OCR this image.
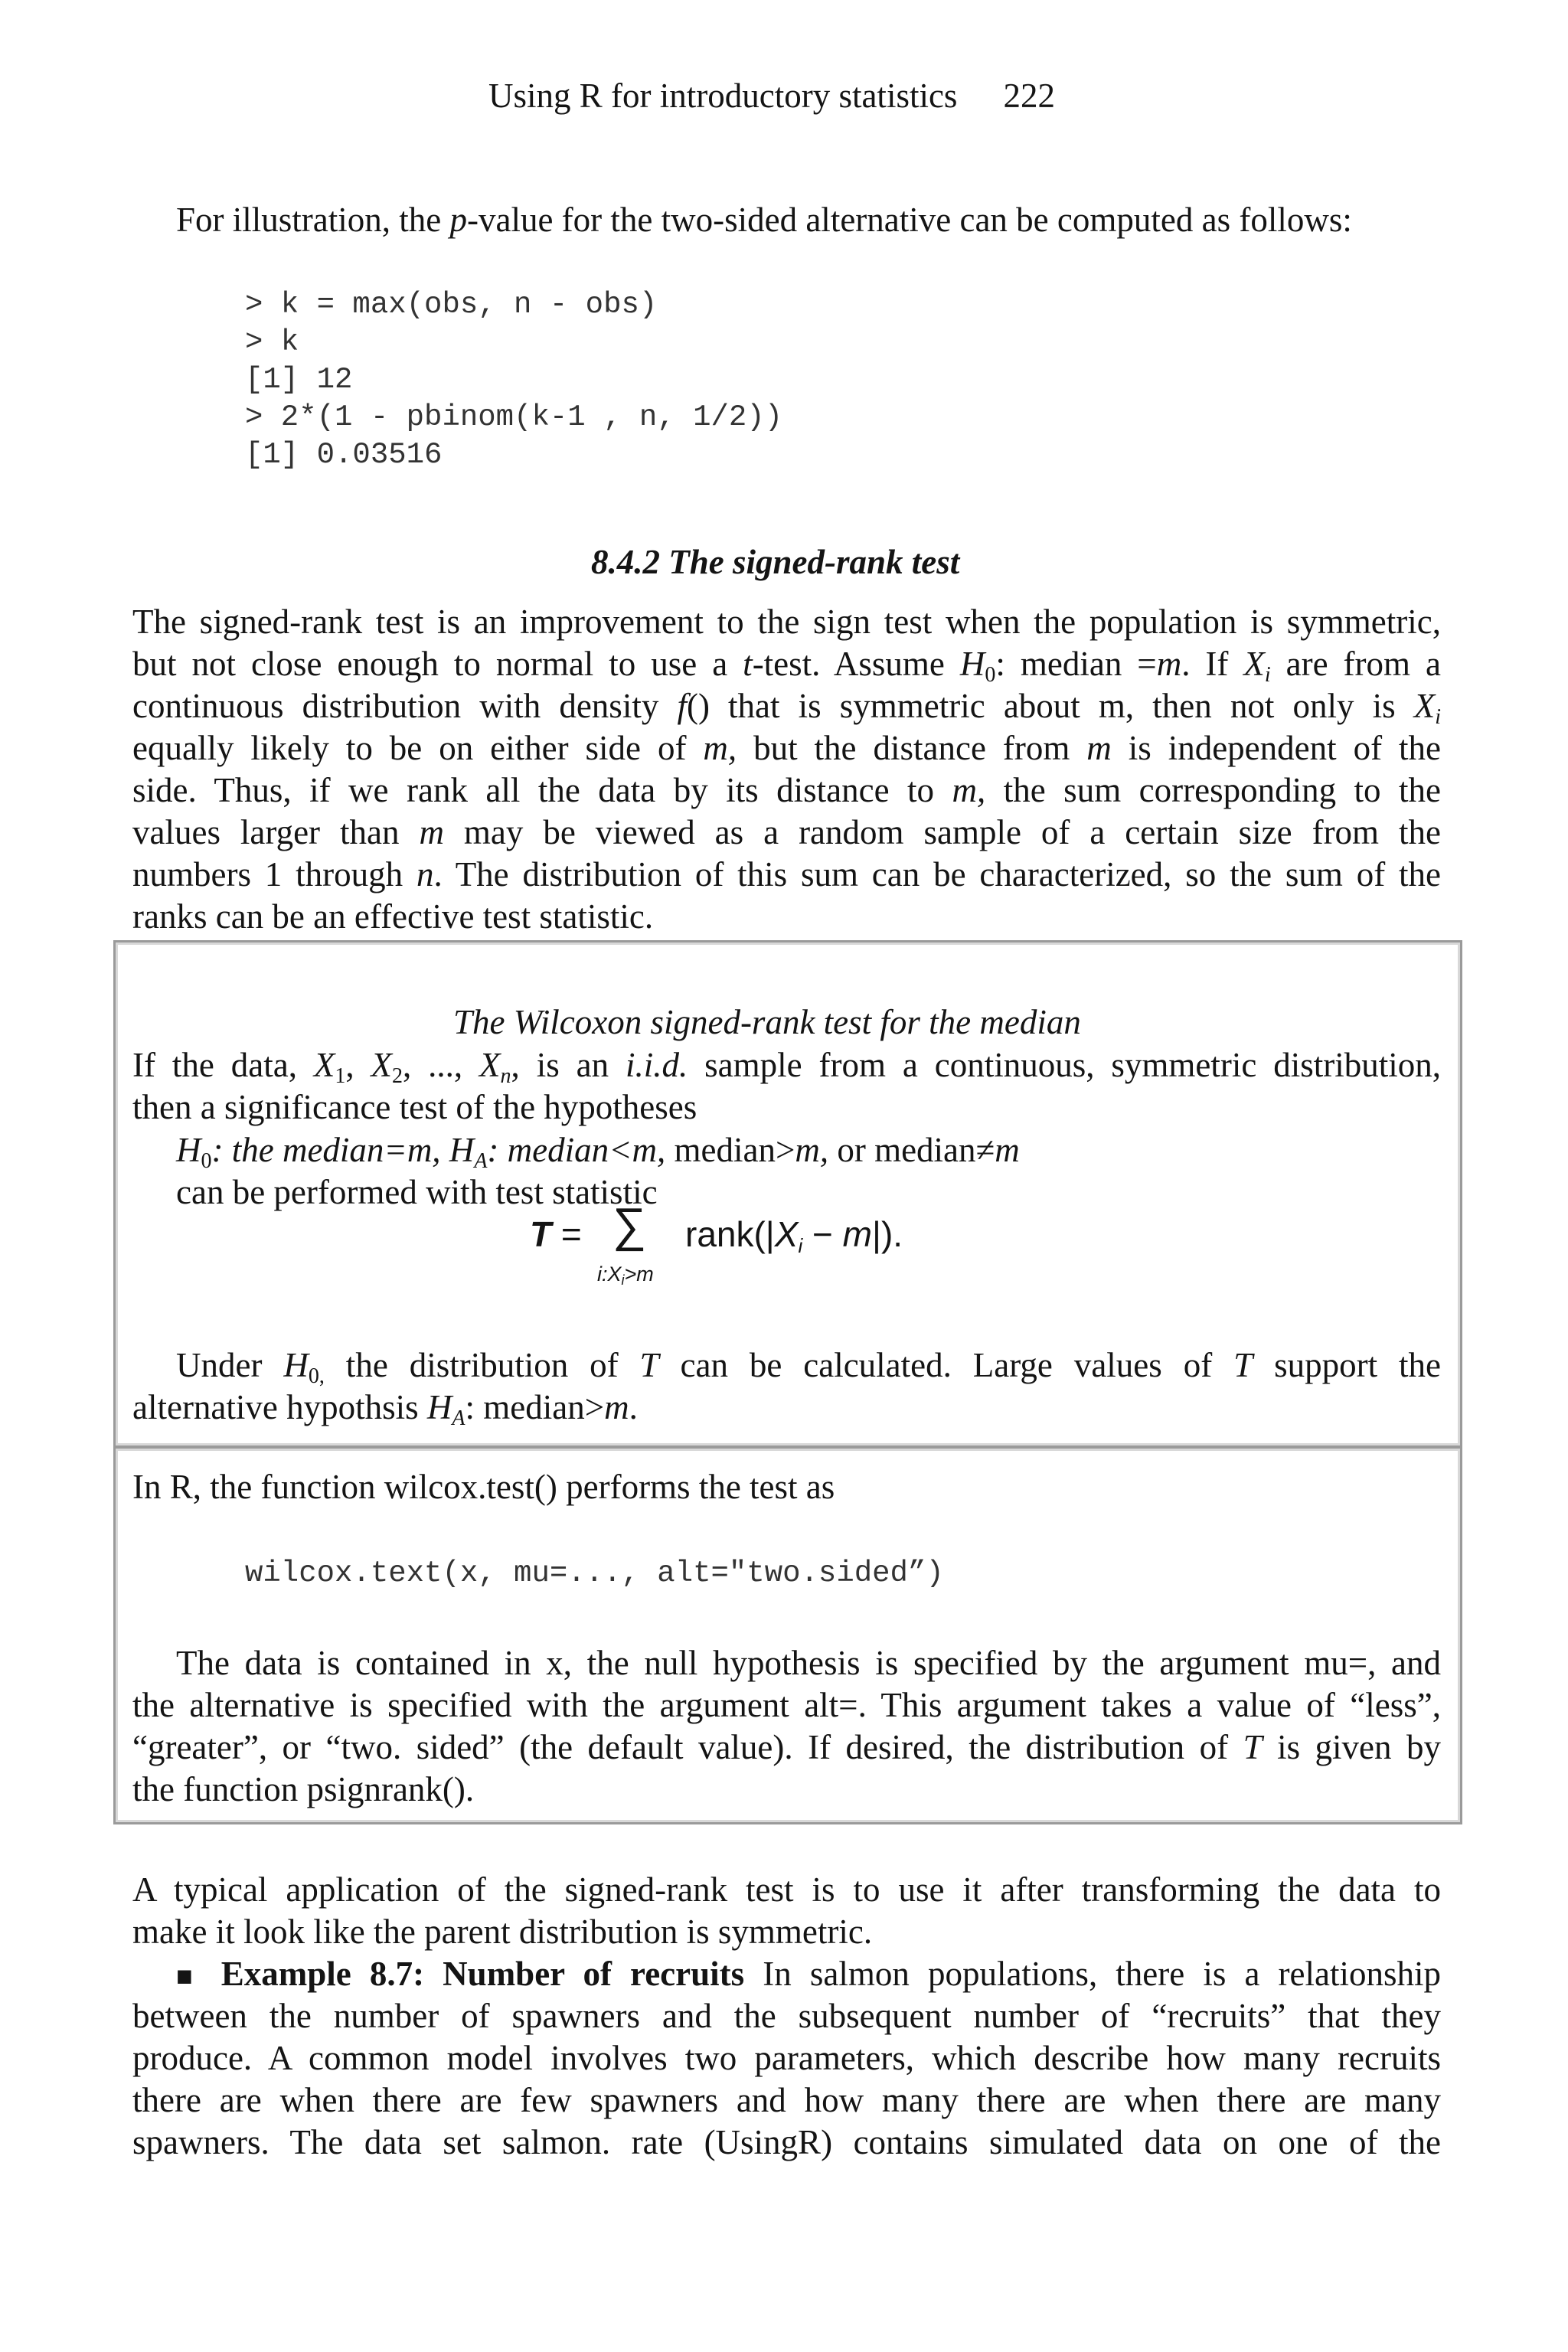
Using R for introductory statistics 222
For illustration, the p-value for the two-sided alternative can be computed as follows:
> k = max(obs, n - obs)
> k
[1] 12
> 2*(1 - pbinom(k-1 , n, 1/2))
[1] 0.03516
8.4.2 The signed-rank test
The signed-rank test is an improvement to the sign test when the population is symmetric,
but not close enough to normal to use a t-test. Assume $H_0$: median =m. If $X_i$ are from a
continuous distribution with density f() that is symmetric about m, then not only is $X_i$
equally likely to be on either side of m, but the distance from m is independent of the
side. Thus, if we rank all the data by its distance to m, the sum corresponding to the
values larger than m may be viewed as a random sample of a certain size from the
numbers 1 through n. The distribution of this sum can be characterized, so the sum of the
ranks can be an effective test statistic.
The Wilcoxon signed-rank test for the median
If the data, $X_1$, $X_2$, ..., $X_n$, is an i.i.d. sample from a continuous, symmetric distribution,
then a significance test of the hypotheses
$H_0$: the median=m, $H_A$: median<m, median>m, or median≠m
can be performed with test statistic
T = ∑ $rank(|X_i - m|)$.
$i:X_i>m$
Under $H_{0,}$ the distribution of T can be calculated. Large values of T support the
alternative hypothsis $H_A$: median>m.
In R, the function wilcox.test() performs the test as
wilcox.text(x, mu=..., alt="two.sided”)
The data is contained in x, the null hypothesis is specified by the argument mu=, and
the alternative is specified with the argument alt=. This argument takes a value of “less”,
“greater”, or “two. sided” (the default value). If desired, the distribution of T is given by
the function psignrank().
A typical application of the signed-rank test is to use it after transforming the data to
make it look like the parent distribution is symmetric.
■ Example 8.7: Number of recruits In salmon populations, there is a relationship
between the number of spawners and the subsequent number of “recruits” that they
produce. A common model involves two parameters, which describe how many recruits
there are when there are few spawners and how many there are when there are many
spawners. The data set salmon. rate (UsingR) contains simulated data on one of the
